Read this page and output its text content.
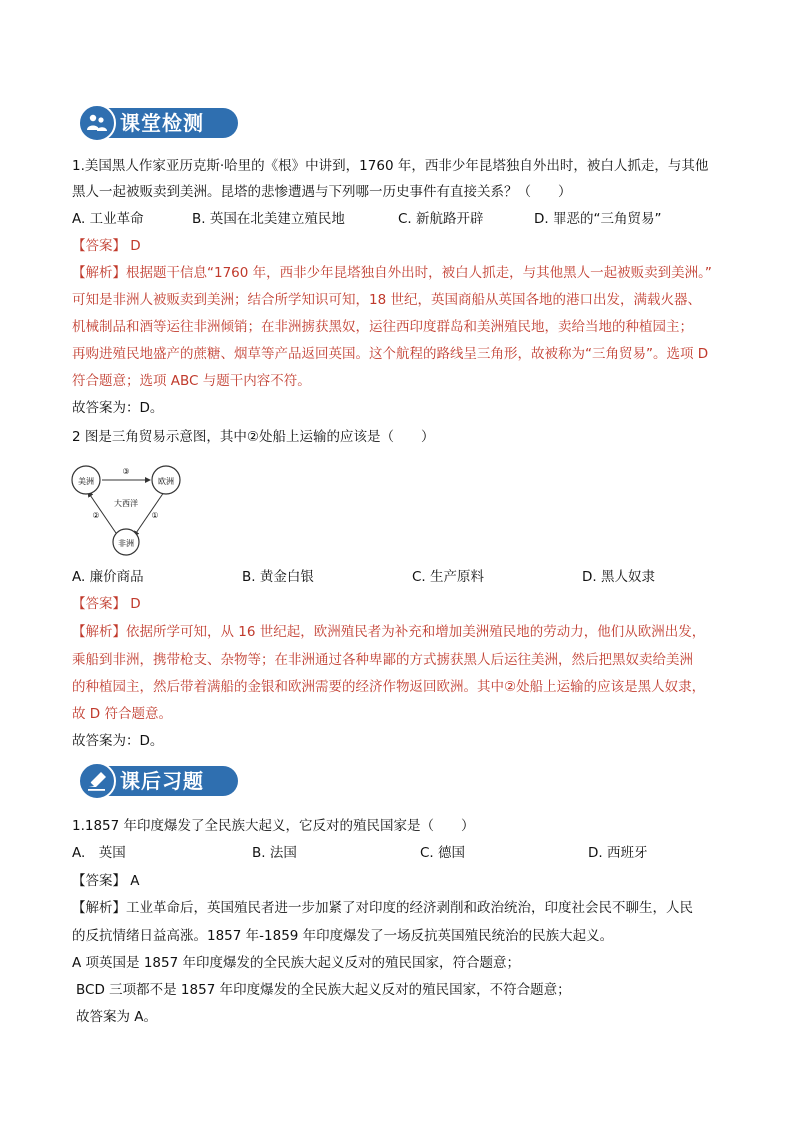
课堂检测
1.美国黑人作家亚历克斯·哈里的《根》中讲到，1760 年，西非少年昆塔独自外出时，被白人抓走，与其他
黑人一起被贩卖到美洲。昆塔的悲惨遭遇与下列哪一历史事件有直接关系？（　　）
A. 工业革命	B. 英国在北美建立殖民地	C. 新航路开辟	D. 罪恶的“三角贸易”
【答案】 D
【解析】根据题干信息“1760 年，西非少年昆塔独自外出时，被白人抓走，与其他黑人一起被贩卖到美洲。”
可知是非洲人被贩卖到美洲；结合所学知识可知，18 世纪，英国商船从英国各地的港口出发，满载火器、
机械制品和酒等运往非洲倾销；在非洲掳获黑奴，运往西印度群岛和美洲殖民地，卖给当地的种植园主；
再购进殖民地盛产的蔗糖、烟草等产品返回英国。这个航程的路线呈三角形，故被称为“三角贸易”。选项 D
符合题意；选项 ABC 与题干内容不符。
故答案为：D。
2 图是三角贸易示意图，其中②处船上运输的应该是（　　）
美洲	欧洲
非洲
大西洋
③
①
②
A. 廉价商品	B. 黄金白银	C. 生产原料	D. 黑人奴隶
【答案】 D
【解析】依据所学可知，从 16 世纪起，欧洲殖民者为补充和增加美洲殖民地的劳动力，他们从欧洲出发，
乘船到非洲，携带枪支、杂物等；在非洲通过各种卑鄙的方式掳获黑人后运往美洲，然后把黑奴卖给美洲
的种植园主，然后带着满船的金银和欧洲需要的经济作物返回欧洲。其中②处船上运输的应该是黑人奴隶，
故 D 符合题意。
故答案为：D。
课后习题
1.1857 年印度爆发了全民族大起义，它反对的殖民国家是（　　）
A.　英国	B. 法国	C. 德国	D. 西班牙
【答案】 A
【解析】工业革命后，英国殖民者进一步加紧了对印度的经济剥削和政治统治，印度社会民不聊生，人民
的反抗情绪日益高涨。1857 年-1859 年印度爆发了一场反抗英国殖民统治的民族大起义。
A 项英国是 1857 年印度爆发的全民族大起义反对的殖民国家，符合题意；
BCD 三项都不是 1857 年印度爆发的全民族大起义反对的殖民国家，不符合题意；
故答案为 A。
